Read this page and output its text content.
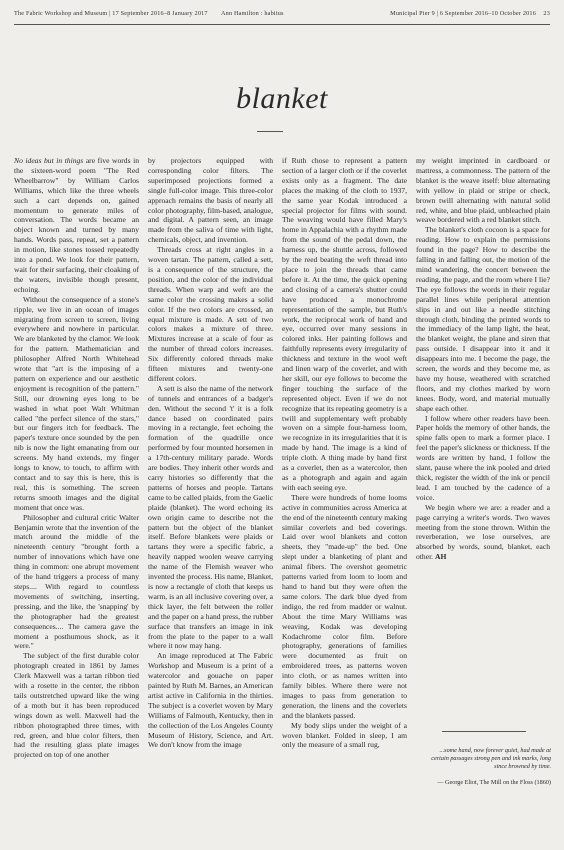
The Fabric Workshop and Museum | 17 September 2016–8 January 2017 Ann Hamilton : habitus	Municipal Pier 9 | 6 September 2016–10 October 2016 23
blanket

No ideas but in things are five words in the sixteen-word poem "The Red Wheelbarrow" by William Carlos Williams, which like the three wheels such a cart depends on, gained momentum to generate miles of conversation. The words became an object known and turned by many hands. Words pass, repeat, set a pattern in motion, like stones tossed repeatedly into a pond. We look for their pattern, wait for their surfacing, their cloaking of the waters, invisible though present, echoing.

Without the consequence of a stone's ripple, we live in an ocean of images migrating from screen to screen, living everywhere and nowhere in particular. We are blanketed by the clamor. We look for the pattern. Mathematician and philosopher Alfred North Whitehead wrote that "art is the imposing of a pattern on experience and our aesthetic enjoyment is recognition of the pattern." Still, our drowning eyes long to be washed in what poet Walt Whitman called "the perfect silence of the stars," but our fingers itch for feedback. The paper's texture once sounded by the pen nib is now the light emanating from our screens. My hand extends, my finger longs to know, to touch, to affirm with contact and to say this is here, this is real, this is something. The screen returns smooth images and the digital moment that once was.

Philosopher and cultural critic Walter Benjamin wrote that the invention of the match around the middle of the nineteenth century "brought forth a number of innovations which have one thing in common: one abrupt movement of the hand triggers a process of many steps.... With regard to countless movements of switching, inserting, pressing, and the like, the 'snapping' by the photographer had the greatest consequences.... The camera gave the moment a posthumous shock, as it were."

The subject of the first durable color photograph created in 1861 by James Clerk Maxwell was a tartan ribbon tied with a rosette in the center, the ribbon tails outstretched upward like the wing of a moth but it has been reproduced wings down as well. Maxwell had the ribbon photographed three times, with red, green, and blue color filters, then had the resulting glass plate images projected on top of one another

by projectors equipped with corresponding color filters. The superimposed projections formed a single full-color image. This three-color approach remains the basis of nearly all color photography, film-based, analogue, and digital. A pattern seen, an image made from the saliva of time with light, chemicals, object, and invention.

Threads cross at right angles in a woven tartan. The pattern, called a sett, is a consequence of the structure, the position, and the color of the individual threads. When warp and weft are the same color the crossing makes a solid color. If the two colors are crossed, an equal mixture is made. A sett of two colors makes a mixture of three. Mixtures increase at a scale of four as the number of thread colors increases. Six differently colored threads make fifteen mixtures and twenty-one different colors.

A sett is also the name of the network of tunnels and entrances of a badger's den. Without the second 't' it is a folk dance based on coordinated pairs moving in a rectangle, feet echoing the formation of the quadrille once performed by four mounted horsemen in a 17th-century military parade. Words are bodies. They inherit other words and carry histories so differently that the patterns of horses and people. Tartans came to be called plaids, from the Gaelic plaide (blanket). The word echoing its own origin came to describe not the pattern but the object of the blanket itself. Before blankets were plaids or tartans they were a specific fabric, a heavily napped woolen weave carrying the name of the Flemish weaver who invented the process. His name, Blanket, is now a rectangle of cloth that keeps us warm, is an all inclusive covering over, a thick layer, the felt between the roller and the paper on a hand press, the rubber surface that transfers an image in ink from the plate to the paper to a wall where it now may hang.

An image reproduced at The Fabric Workshop and Museum is a print of a watercolor and gouache on paper painted by Ruth M. Barnes, an American artist active in California in the thirties. The subject is a coverlet woven by Mary Williams of Falmouth, Kentucky, then in the collection of the Los Angeles County Museum of History, Science, and Art. We don't know from the image

if Ruth chose to represent a pattern section of a larger cloth or if the coverlet exists only as a fragment. The date places the making of the cloth to 1937, the same year Kodak introduced a special projector for films with sound. The weaving would have filled Mary's home in Appalachia with a rhythm made from the sound of the pedal down, the harness up, the shuttle across, followed by the reed beating the weft thread into place to join the threads that came before it. At the time, the quick opening and closing of a camera's shutter could have produced a monochrome representation of the sample, but Ruth's work, the reciprocal work of hand and eye, occurred over many sessions in colored inks. Her painting follows and faithfully represents every irregularity of thickness and texture in the wool weft and linen warp of the coverlet, and with her skill, our eye follows to become the finger touching the surface of the represented object. Even if we do not recognize that its repeating geometry is a twill and supplementary weft probably woven on a simple four-harness loom, we recognize in its irregularities that it is made by hand. The image is a kind of triple cloth. A thing made by hand first as a coverlet, then as a watercolor, then as a photograph and again and again with each seeing eye.

There were hundreds of home looms active in communities across America at the end of the nineteenth century making similar coverlets and bed coverings. Laid over wool blankets and cotton sheets, they "made-up" the bed. One slept under a blanketing of plant and animal fibers. The overshot geometric patterns varied from loom to loom and hand to hand but they were often the same colors. The dark blue dyed from indigo, the red from madder or walnut. About the time Mary Williams was weaving, Kodak was developing Kodachrome color film. Before photography, generations of families were documented as fruit on embroidered trees, as patterns woven into cloth, or as names written into family bibles. Where there were not images to pass from generation to generation, the linens and the coverlets and the blankets passed.

My body slips under the weight of a woven blanket. Folded in sleep, I am only the measure of a small rug,

my weight imprinted in cardboard or mattress, a commonness. The pattern of the blanket is the weave itself: blue alternating with yellow in plaid or stripe or check, brown twill alternating with natural solid red, white, and blue plaid, unbleached plain weave bordered with a red blanket stitch.

The blanket's cloth cocoon is a space for reading. How to explain the permissions found in the page? How to describe the falling in and falling out, the motion of the mind wandering, the concert between the reading, the page, and the room where I lie? The eye follows the words in their regular parallel lines while peripheral attention slips in and out like a needle stitching through cloth, binding the printed words to the immediacy of the lamp light, the heat, the blanket weight, the plane and siren that pass outside. I disappear into it and it disappears into me. I become the page, the screen, the words and they become me, as have my house, weathered with scratched floors, and my clothes marked by worn knees. Body, word, and material mutually shape each other.

I follow where other readers have been. Paper holds the memory of other hands, the spine falls open to mark a former place. I feel the paper's slickness or thickness. If the words are written by hand, I follow the slant, pause where the ink pooled and dried thick, register the width of the ink or pencil lead. I am touched by the cadence of a voice.

We begin where we are: a reader and a page carrying a writer's words. Two waves meeting from the stone thrown. Within the reverberation, we lose ourselves, are absorbed by words, sound, blanket, each other. AH

...some hand, now forever quiet, had made at certain passages strong pen and ink marks, long since browned by time.
— George Eliot, The Mill on the Floss (1860)
